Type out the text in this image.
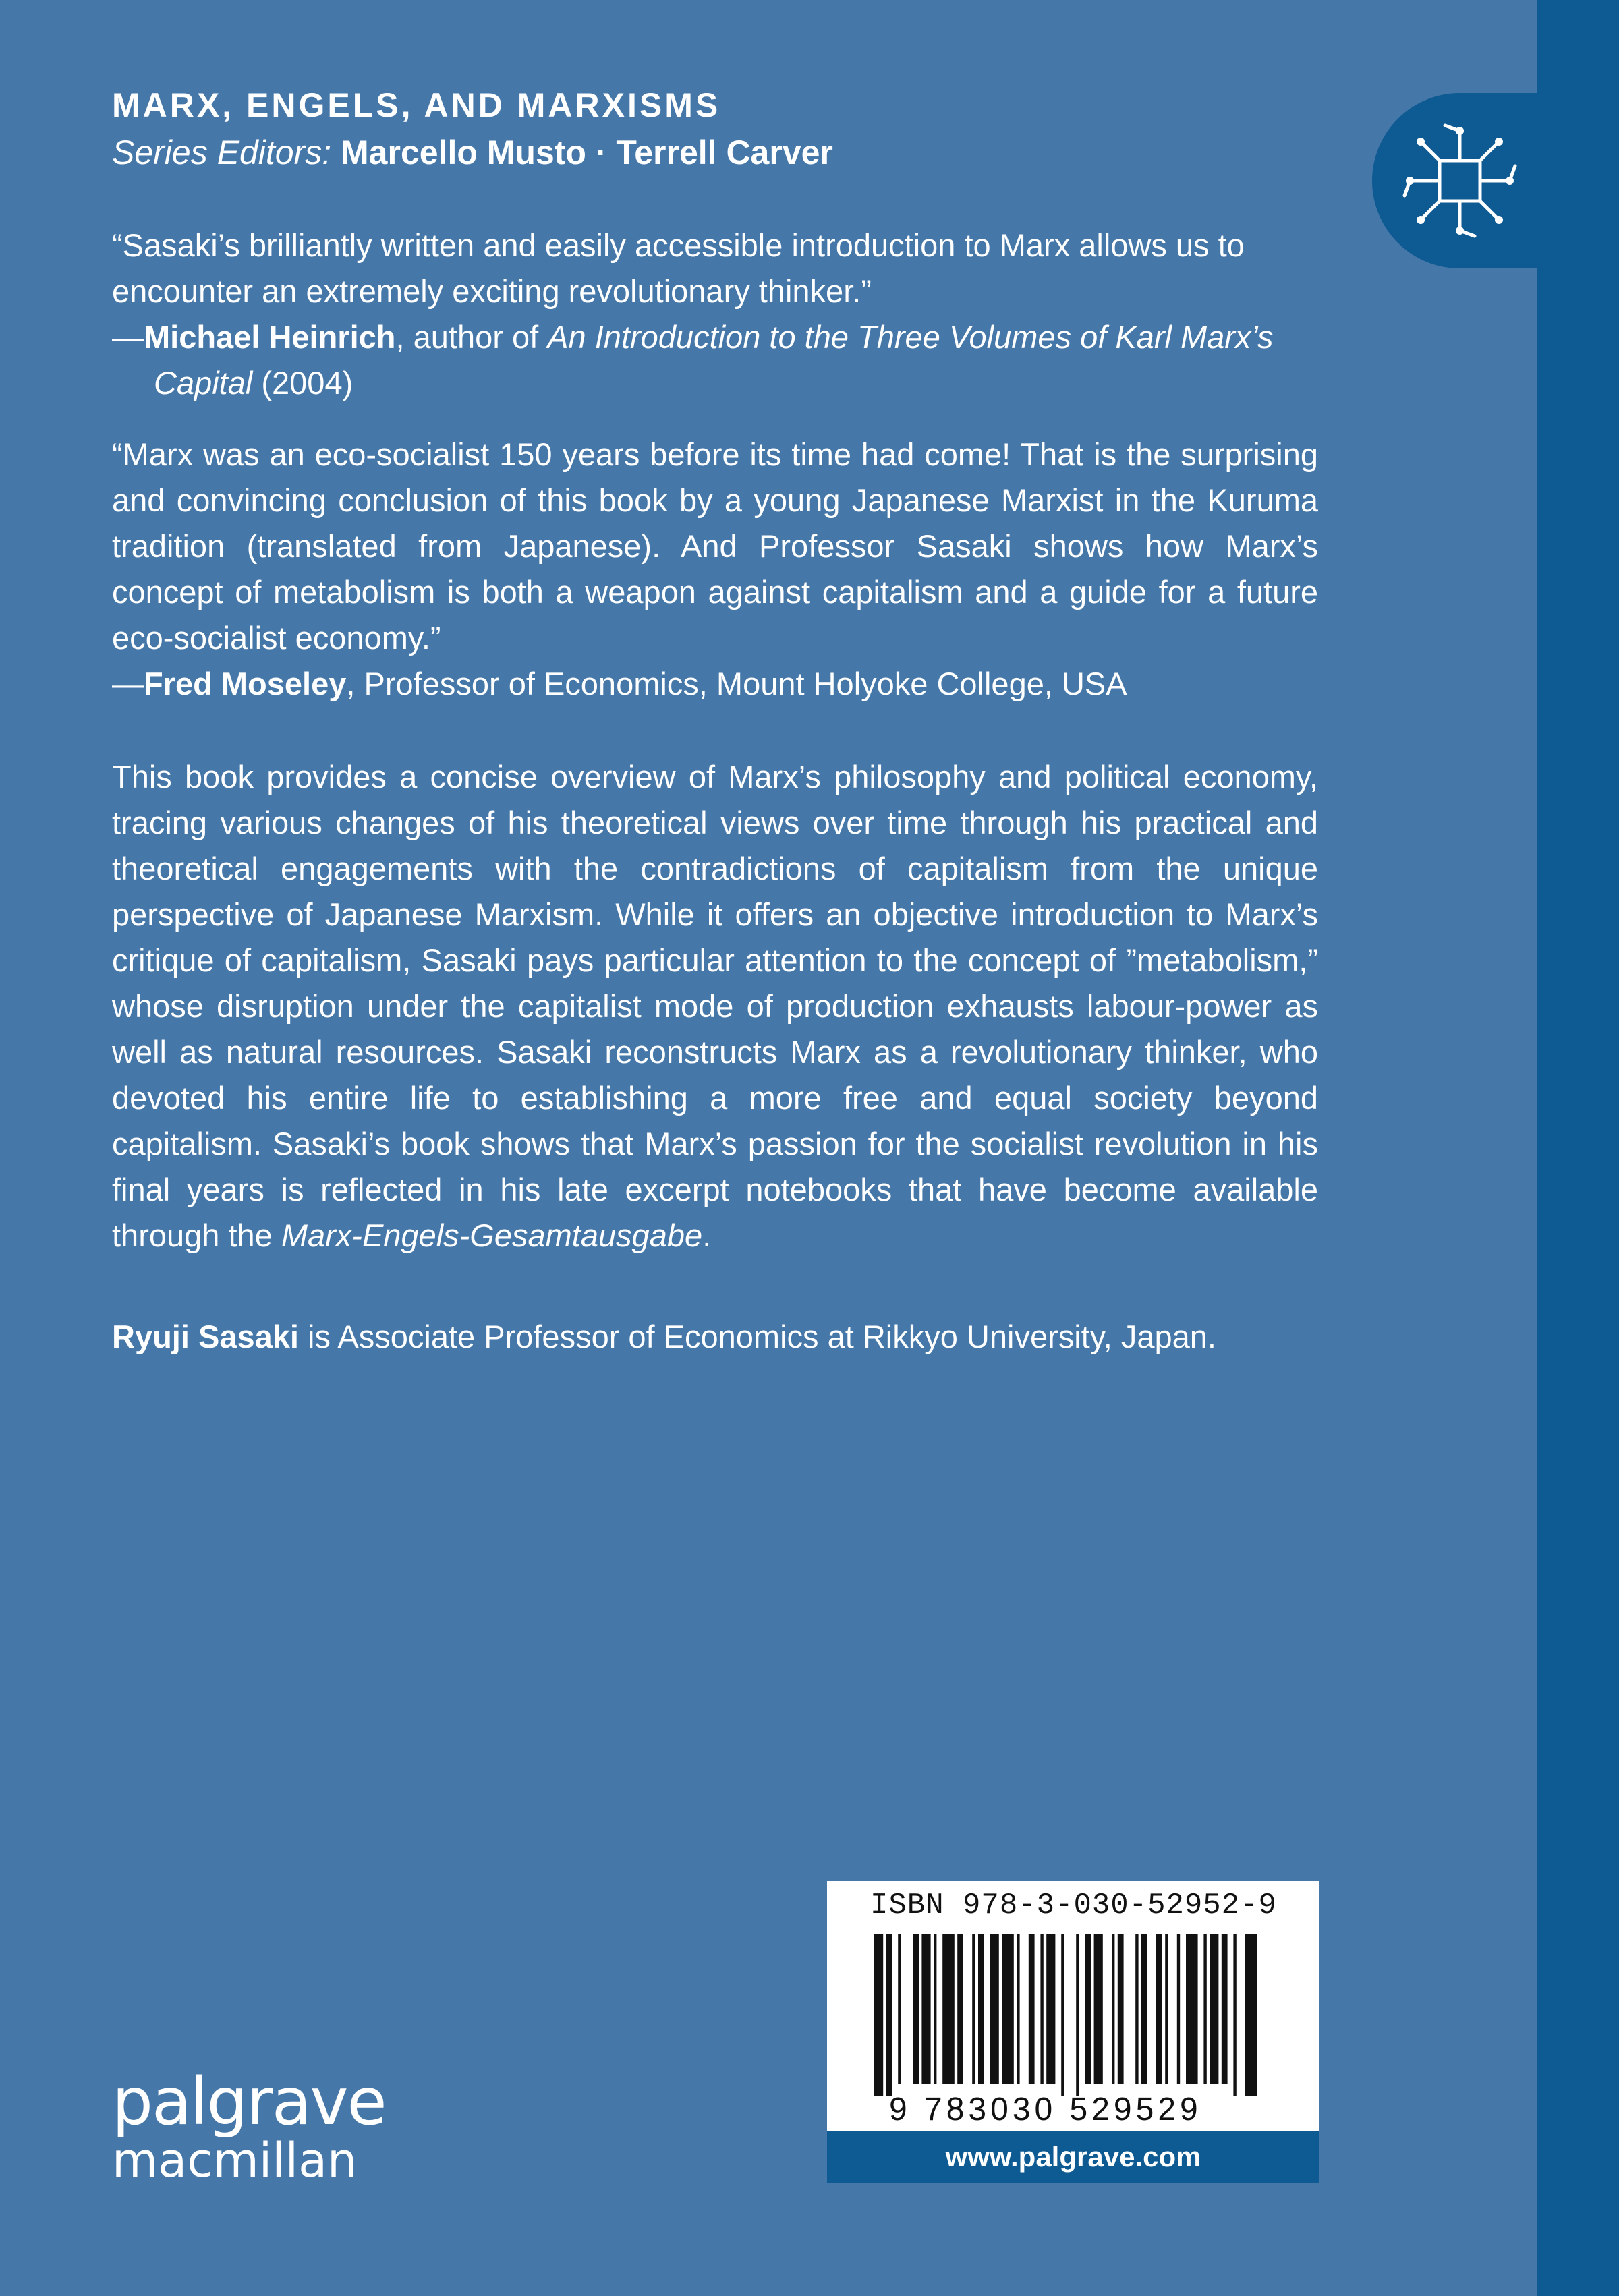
MARX, ENGELS, AND MARXISMS
Series Editors: Marcello Musto · Terrell Carver
“Sasaki’s brilliantly written and easily accessible introduction to Marx allows us to encounter an extremely exciting revolutionary thinker.”
—Michael Heinrich, author of An Introduction to the Three Volumes of Karl Marx’s Capital (2004)
“Marx was an eco-socialist 150 years before its time had come! That is the surprising and convincing conclusion of this book by a young Japanese Marxist in the Kuruma tradition (translated from Japanese). And Professor Sasaki shows how Marx’s concept of metabolism is both a weapon against capitalism and a guide for a future eco-socialist economy.”
—Fred Moseley, Professor of Economics, Mount Holyoke College, USA
This book provides a concise overview of Marx’s philosophy and political economy, tracing various changes of his theoretical views over time through his practical and theoretical engagements with the contradictions of capitalism from the unique perspective of Japanese Marxism. While it offers an objective introduction to Marx’s critique of capitalism, Sasaki pays particular attention to the concept of ”metabolism,” whose disruption under the capitalist mode of production exhausts labour-power as well as natural resources. Sasaki reconstructs Marx as a revolutionary thinker, who devoted his entire life to establishing a more free and equal society beyond capitalism. Sasaki’s book shows that Marx’s passion for the socialist revolution in his final years is reflected in his late excerpt notebooks that have become available through the Marx-Engels-Gesamtausgabe.
Ryuji Sasaki is Associate Professor of Economics at Rikkyo University, Japan.
ISBN 978-3-030-52952-9
9 783030 529529
www.palgrave.com
palgrave
macmillan
